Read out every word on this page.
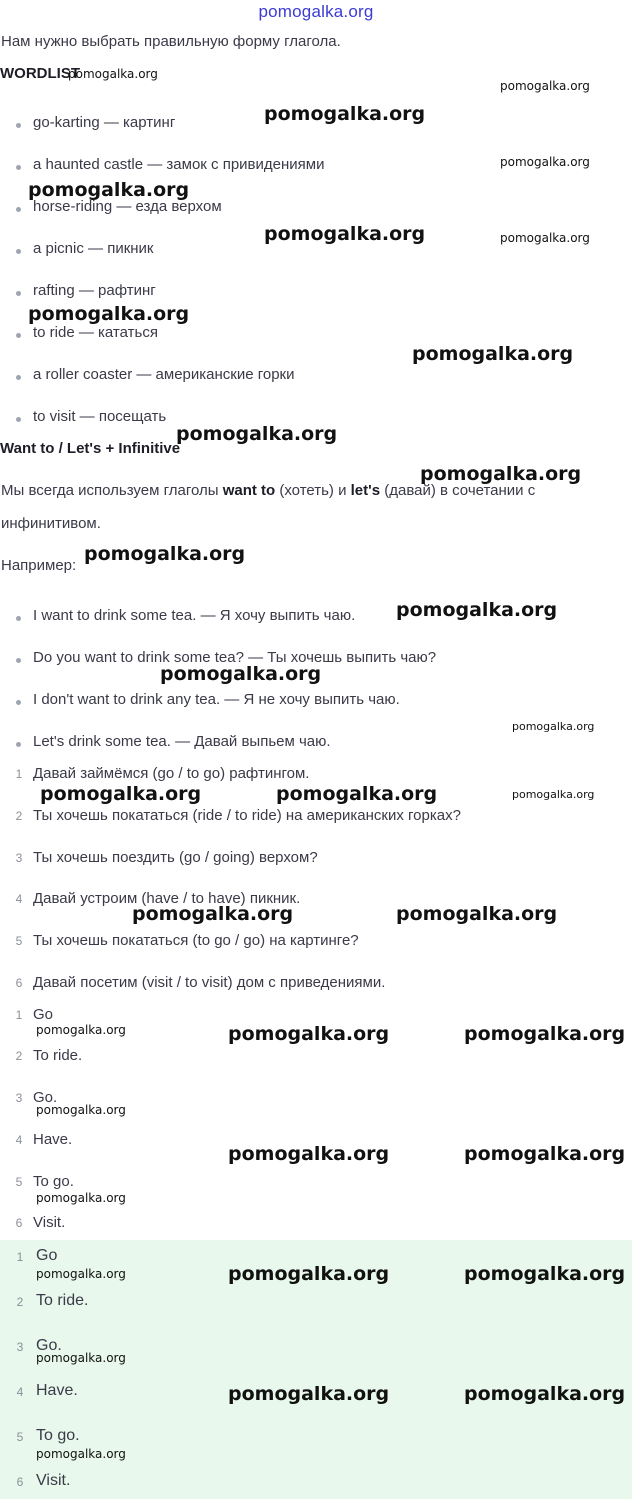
pomogalka.org
Нам нужно выбрать правильную форму глагола.
WORDLIST
go-karting — картинг
a haunted castle — замок с привидениями
horse-riding — езда верхом
a picnic — пикник
rafting — рафтинг
to ride — кататься
a roller coaster — американские горки
to visit — посещать
Want to / Let's + Infinitive
Мы всегда используем глаголы want to (хотеть) и let's (давай) в сочетании с
инфинитивом.
Например:
I want to drink some tea. — Я хочу выпить чаю.
Do you want to drink some tea? — Ты хочешь выпить чаю?
I don't want to drink any tea. — Я не хочу выпить чаю.
Let's drink some tea. — Давай выпьем чаю.
1 Давай займёмся (go / to go) рафтингом.
2 Ты хочешь покататься (ride / to ride) на американских горках?
3 Ты хочешь поездить (go / going) верхом?
4 Давай устроим (have / to have) пикник.
5 Ты хочешь покататься (to go / go) на картинге?
6 Давай посетим (visit / to visit) дом с приведениями.
1 Go
2 To ride.
3 Go.
4 Have.
5 To go.
6 Visit.
1 Go
2 To ride.
3 Go.
4 Have.
5 To go.
6 Visit.
pomogalka.org
pomogalka.org
pomogalka.org
pomogalka.org
pomogalka.org
pomogalka.org	pomogalka.org
pomogalka.org
pomogalka.org
pomogalka.org
pomogalka.org
pomogalka.org
pomogalka.org
pomogalka.org
pomogalka.org
pomogalka.org	pomogalka.org	pomogalka.org
pomogalka.org	pomogalka.org
pomogalka.org	pomogalka.org	pomogalka.org
pomogalka.org
pomogalka.org	pomogalka.org
pomogalka.org
pomogalka.org	pomogalka.org	pomogalka.org
pomogalka.org
pomogalka.org	pomogalka.org
pomogalka.org
